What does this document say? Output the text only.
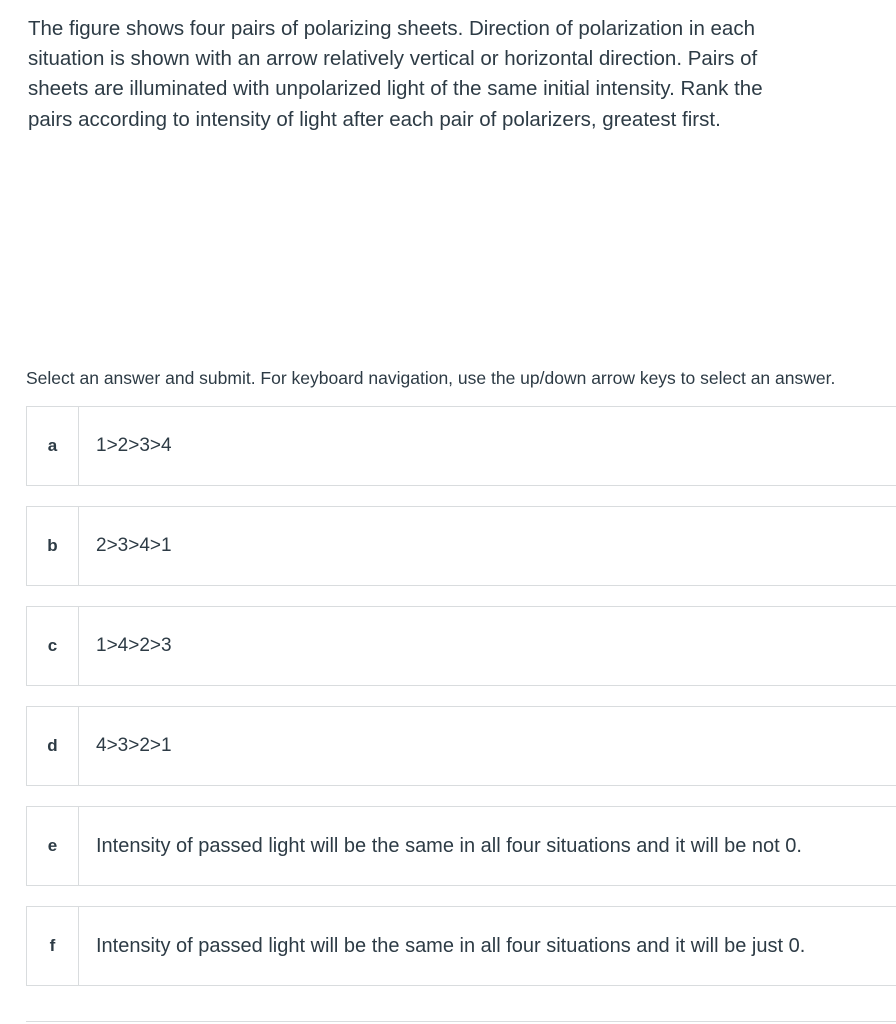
The figure shows four pairs of polarizing sheets. Direction of polarization in each situation is shown with an arrow relatively vertical or horizontal direction. Pairs of sheets are illuminated with unpolarized light of the same initial intensity. Rank the pairs according to intensity of light after each pair of polarizers, greatest first.

Select an answer and submit. For keyboard navigation, use the up/down arrow keys to select an answer.
a	1>2>3>4
b	2>3>4>1
c	1>4>2>3
d	4>3>2>1
e	Intensity of passed light will be the same in all four situations and it will be not 0.
f	Intensity of passed light will be the same in all four situations and it will be just 0.
